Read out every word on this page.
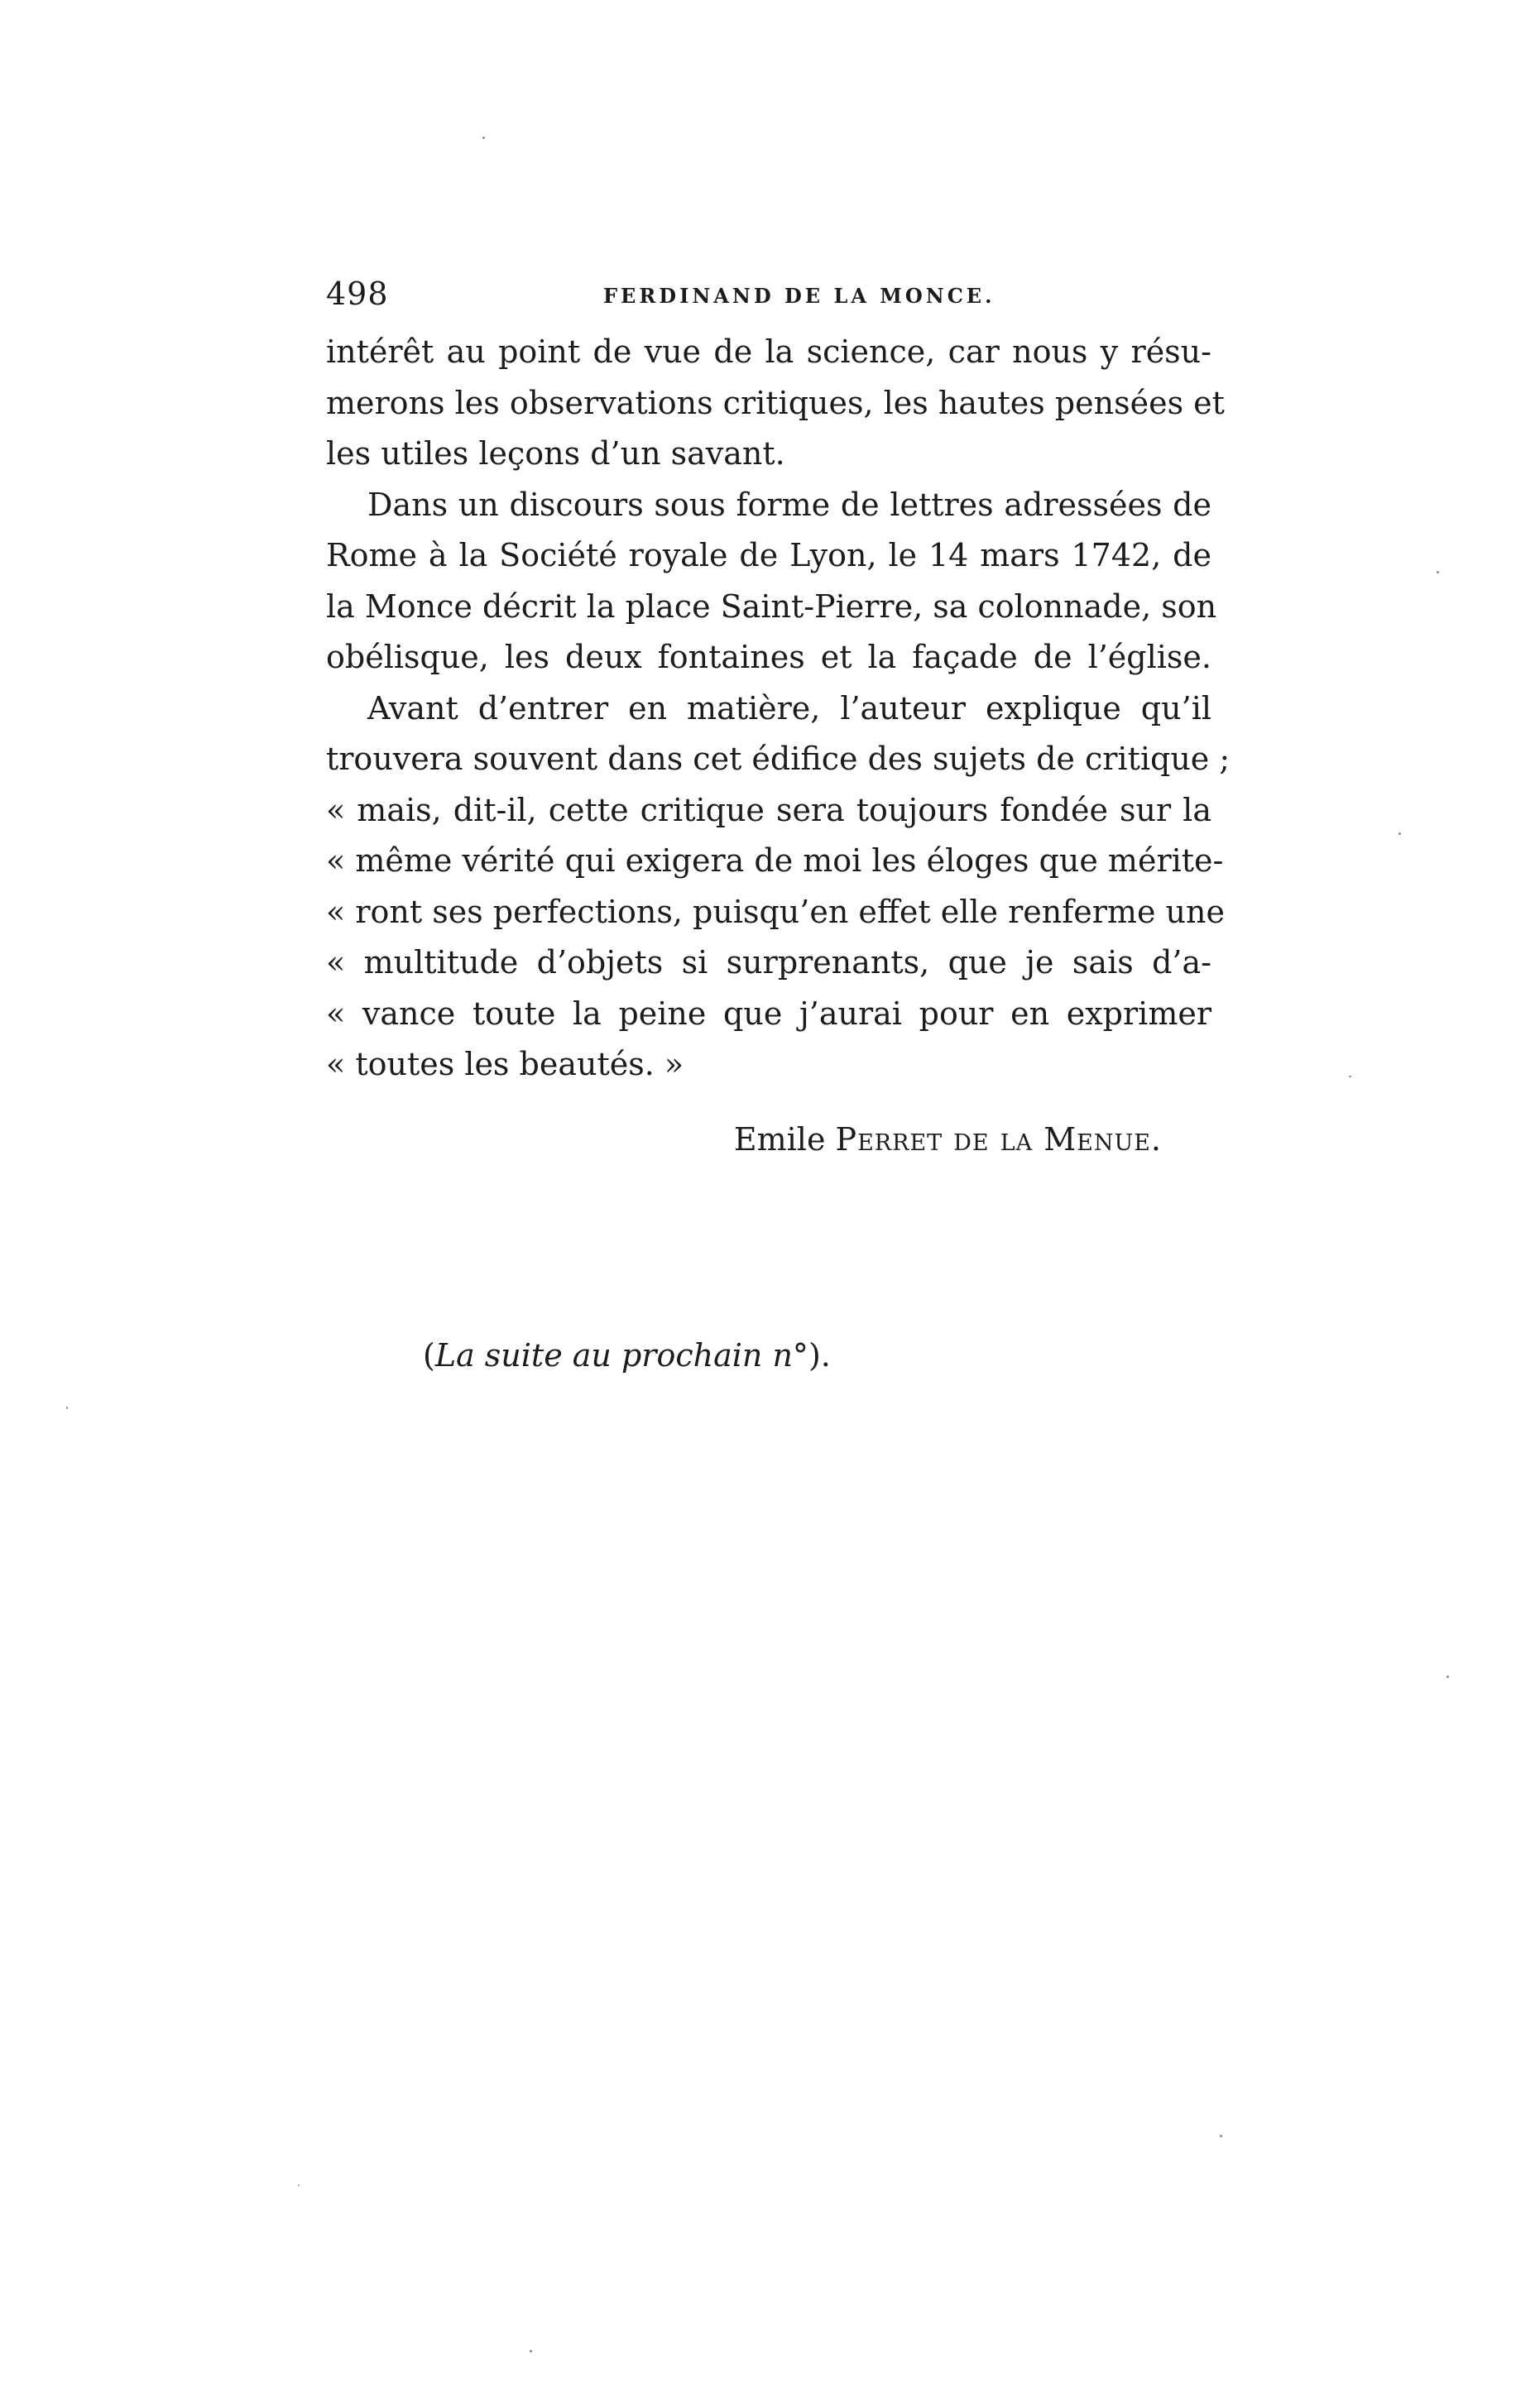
498	FERDINAND DE LA MONCE.
intérêt au point de vue de la science, car nous y résu-
merons les observations critiques, les hautes pensées et
les utiles leçons d’un savant.
Dans un discours sous forme de lettres adressées de
Rome à la Société royale de Lyon, le 14 mars 1742, de
la Monce décrit la place Saint-Pierre, sa colonnade, son
obélisque, les deux fontaines et la façade de l’église.
Avant d’entrer en matière, l’auteur explique qu’il
trouvera souvent dans cet édifice des sujets de critique ;
« mais, dit-il, cette critique sera toujours fondée sur la
« même vérité qui exigera de moi les éloges que mérite-
« ront ses perfections, puisqu’en effet elle renferme une
« multitude d’objets si surprenants, que je sais d’a-
« vance toute la peine que j’aurai pour en exprimer
« toutes les beautés. »
Emile Perret de la Menue.
(La suite au prochain n°).
